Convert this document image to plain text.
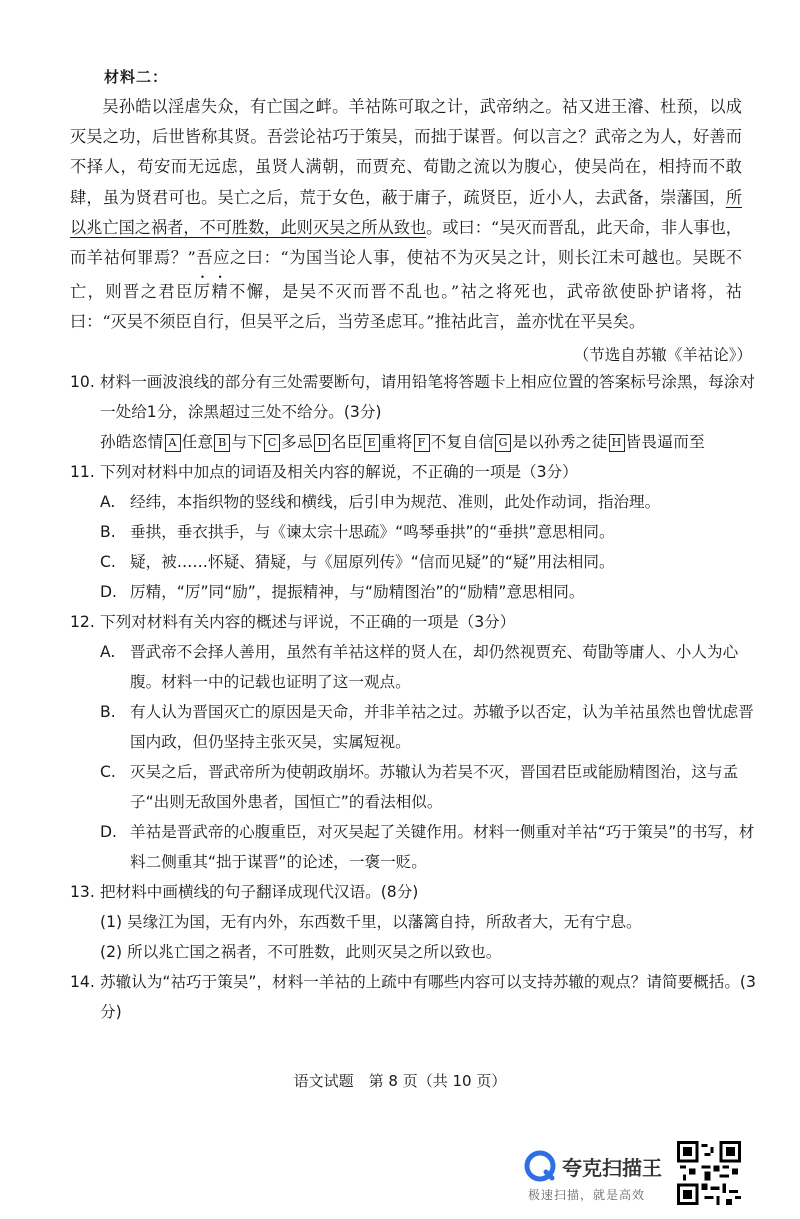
材料二：

吴孙皓以淫虐失众，有亡国之衅。羊祜陈可取之计，武帝纳之。祜又进王濬、杜预，以成灭吴之功，后世皆称其贤。吾尝论祜巧于策吴，而拙于谋晋。何以言之？武帝之为人，好善而不择人，苟安而无远虑，虽贤人满朝，而贾充、荀勖之流以为腹心，使吴尚在，相持而不敢肆，虽为贤君可也。吴亡之后，荒于女色，蔽于庸子，疏贤臣，近小人，去武备，崇藩国，所以兆亡国之祸者，不可胜数，此则灭吴之所从致也。或曰：“吴灭而晋乱，此天命，非人事也，而羊祜何罪焉？”吾应之曰：“为国当论人事，使祜不为灭吴之计，则长江未可越也。吴既不亡，则晋之君臣厉精不懈，是吴不灭而晋不乱也。”祜之将死也，武帝欲使卧护诸将，祜曰：“灭吴不须臣自行，但吴平之后，当劳圣虑耳。”推祜此言，盖亦忧在平吴矣。

（节选自苏辙《羊祜论》）
10. 材料一画波浪线的部分有三处需要断句，请用铅笔将答题卡上相应位置的答案标号涂黑，每涂对一处给1分，涂黑超过三处不给分。(3分)
孙皓恣情 A 任意 B 与下 C 多忌 D 名臣 E 重将 F 不复自信 G 是以孙秀之徒 H 皆畏逼而至
11. 下列对材料中加点的词语及相关内容的解说，不正确的一项是（3分）
A. 经纬，本指织物的竖线和横线，后引申为规范、准则，此处作动词，指治理。
B. 垂拱，垂衣拱手，与《谏太宗十思疏》“鸣琴垂拱”的“垂拱”意思相同。
C. 疑，被……怀疑、猜疑，与《屈原列传》“信而见疑”的“疑”用法相同。
D. 厉精，“厉”同“励”，提振精神，与“励精图治”的“励精”意思相同。
12. 下列对材料有关内容的概述与评说，不正确的一项是（3分）
A. 晋武帝不会择人善用，虽然有羊祜这样的贤人在，却仍然视贾充、荀勖等庸人、小人为心腹。材料一中的记载也证明了这一观点。
B. 有人认为晋国灭亡的原因是天命，并非羊祜之过。苏辙予以否定，认为羊祜虽然也曾忧虑晋国内政，但仍坚持主张灭吴，实属短视。
C. 灭吴之后，晋武帝所为使朝政崩坏。苏辙认为若吴不灭，晋国君臣或能励精图治，这与孟子“出则无敌国外患者，国恒亡”的看法相似。
D. 羊祜是晋武帝的心腹重臣，对灭吴起了关键作用。材料一侧重对羊祜“巧于策吴”的书写，材料二侧重其“拙于谋晋”的论述，一褒一贬。
13. 把材料中画横线的句子翻译成现代汉语。(8分)
(1) 吴缘江为国，无有内外，东西数千里，以藩篱自持，所敌者大，无有宁息。
(2) 所以兆亡国之祸者，不可胜数，此则灭吴之所以致也。
14. 苏辙认为“祜巧于策吴”，材料一羊祜的上疏中有哪些内容可以支持苏辙的观点？请简要概括。(3分)
语文试题　第 8 页（共 10 页）
夸克扫描王
极速扫描，就是高效
